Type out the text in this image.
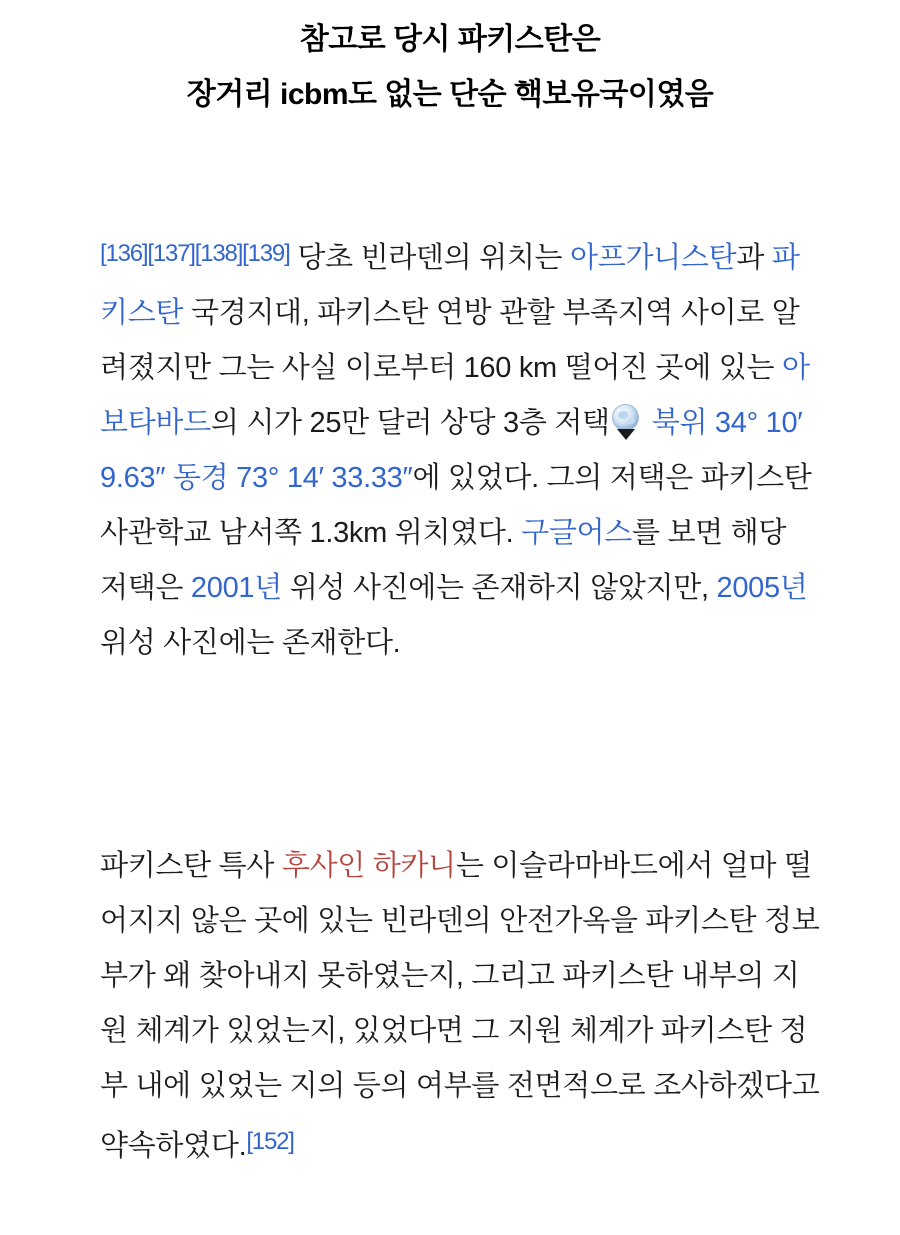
참고로 당시 파키스탄은
장거리 icbm도 없는 단순 핵보유국이였음

[136][137][138][139] 당초 빈라덴의 위치는 아프가니스탄과 파키스탄 국경지대, 파키스탄 연방 관할 부족지역 사이로 알려졌지만 그는 사실 이로부터 160 km 떨어진 곳에 있는 아보타바드의 시가 25만 달러 상당 3층 저택 북위 34° 10′ 9.63″ 동경 73° 14′ 33.33″에 있었다. 그의 저택은 파키스탄 사관학교 남서쪽 1.3km 위치였다. 구글어스를 보면 해당 저택은 2001년 위성 사진에는 존재하지 않았지만, 2005년 위성 사진에는 존재한다.

파키스탄 특사 후사인 하카니는 이슬라마바드에서 얼마 떨어지지 않은 곳에 있는 빈라덴의 안전가옥을 파키스탄 정보부가 왜 찾아내지 못하였는지, 그리고 파키스탄 내부의 지원 체계가 있었는지, 있었다면 그 지원 체계가 파키스탄 정부 내에 있었는 지의 등의 여부를 전면적으로 조사하겠다고 약속하였다.[152]
